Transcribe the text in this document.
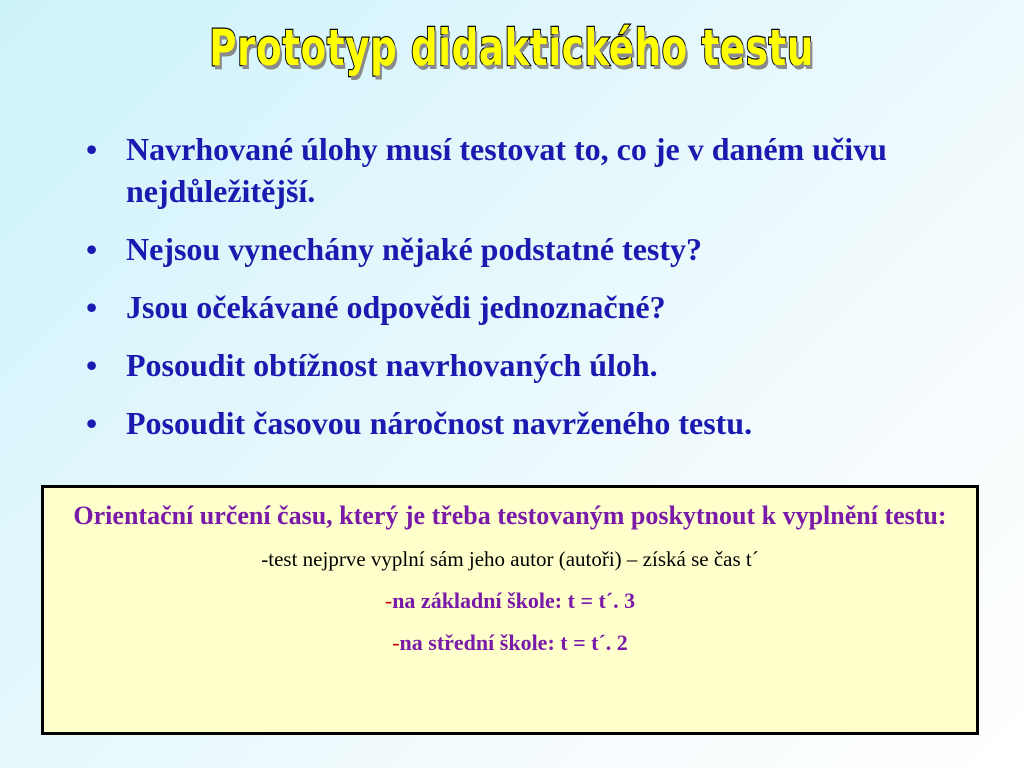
Prototyp didaktického testu
• Navrhované úlohy musí testovat to, co je v daném učivu nejdůležitější.
• Nejsou vynechány nějaké podstatné testy?
• Jsou očekávané odpovědi jednoznačné?
• Posoudit obtížnost navrhovaných úloh.
• Posoudit časovou náročnost navrženého testu.
Orientační určení času, který je třeba testovaným poskytnout k vyplnění testu:
-test nejprve vyplní sám jeho autor (autoři) – získá se čas t´
-na základní škole: t = t´. 3
-na střední škole: t = t´. 2
